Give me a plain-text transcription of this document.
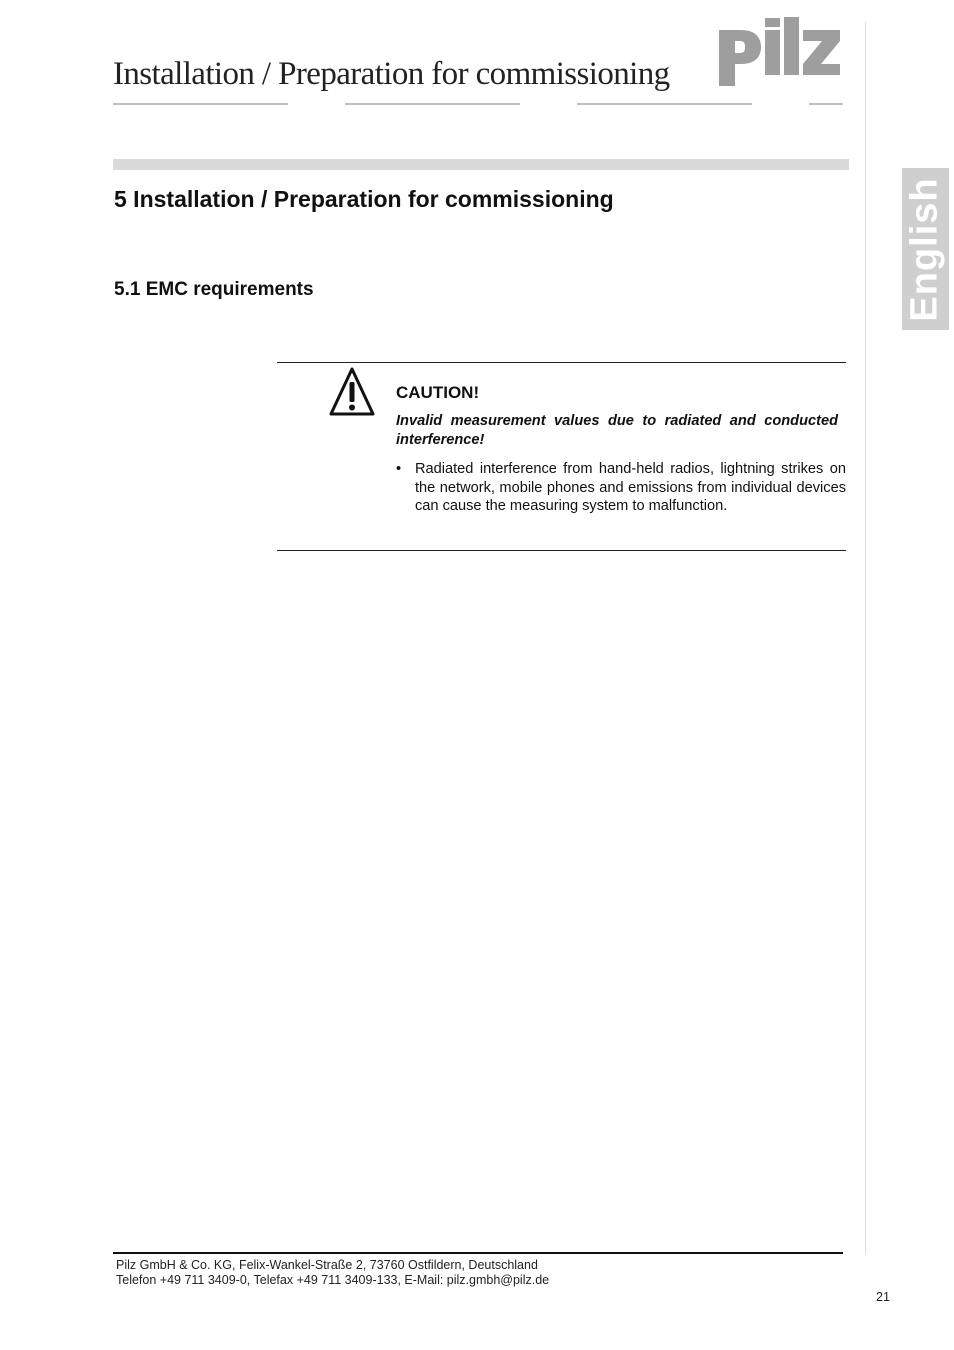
Installation / Preparation for commissioning
English
5 Installation / Preparation for commissioning
5.1 EMC requirements
CAUTION!
Invalid measurement values due to radiated and conducted interference!
• Radiated interference from hand-held radios, lightning strikes on the network, mobile phones and emissions from individual devices can cause the measuring system to malfunction.
Pilz GmbH & Co. KG, Felix-Wankel-Straße 2, 73760 Ostfildern, Deutschland
Telefon +49 711 3409-0, Telefax +49 711 3409-133, E-Mail: pilz.gmbh@pilz.de
21
